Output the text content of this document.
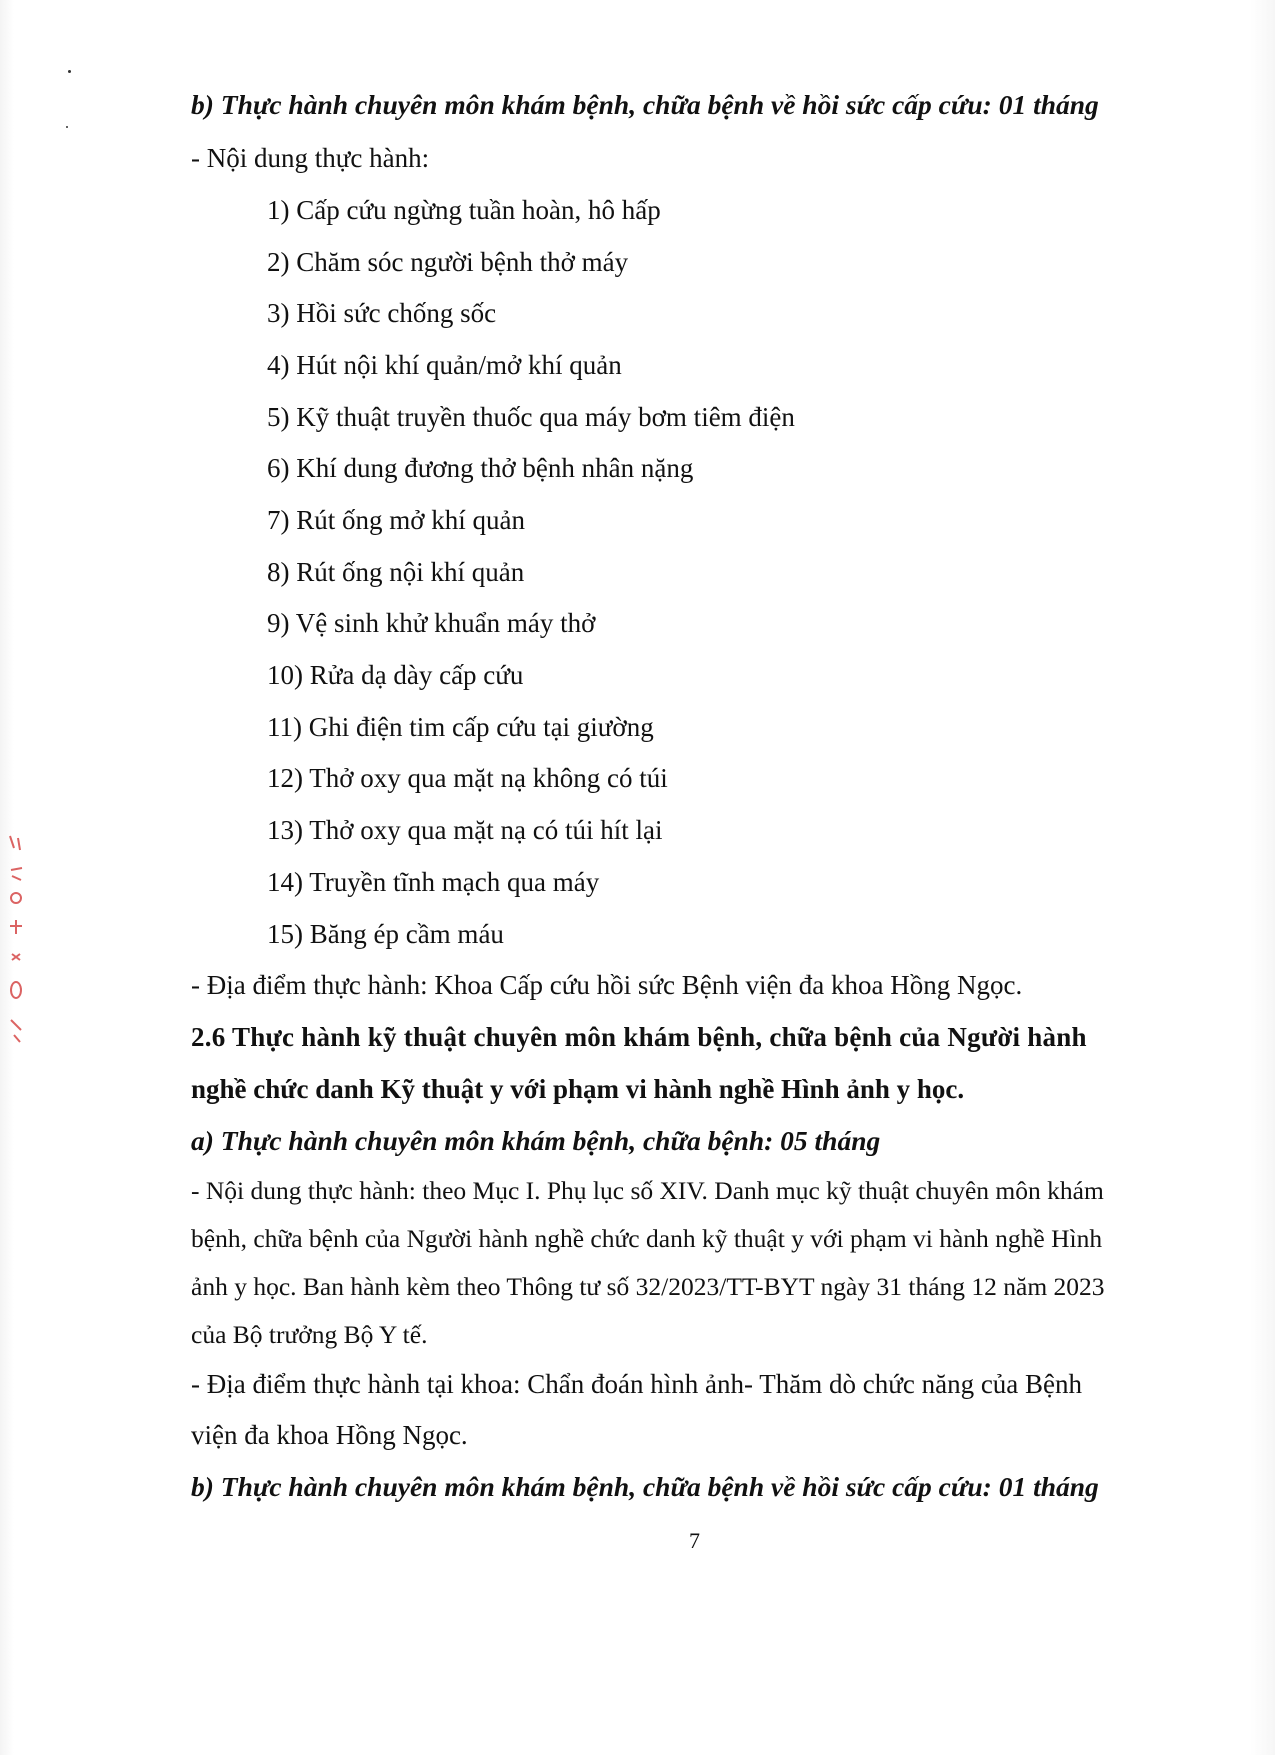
b) Thực hành chuyên môn khám bệnh, chữa bệnh về hồi sức cấp cứu: 01 tháng
- Nội dung thực hành:
1) Cấp cứu ngừng tuần hoàn, hô hấp
2) Chăm sóc người bệnh thở máy
3) Hồi sức chống sốc
4) Hút nội khí quản/mở khí quản
5) Kỹ thuật truyền thuốc qua máy bơm tiêm điện
6) Khí dung đương thở bệnh nhân nặng
7) Rút ống mở khí quản
8) Rút ống nội khí quản
9) Vệ sinh khử khuẩn máy thở
10) Rửa dạ dày cấp cứu
11) Ghi điện tim cấp cứu tại giường
12) Thở oxy qua mặt nạ không có túi
13) Thở oxy qua mặt nạ có túi hít lại
14) Truyền tĩnh mạch qua máy
15) Băng ép cầm máu
- Địa điểm thực hành: Khoa Cấp cứu hồi sức Bệnh viện đa khoa Hồng Ngọc.
2.6 Thực hành kỹ thuật chuyên môn khám bệnh, chữa bệnh của Người hành
nghề chức danh Kỹ thuật y với phạm vi hành nghề Hình ảnh y học.
a) Thực hành chuyên môn khám bệnh, chữa bệnh: 05 tháng
- Nội dung thực hành: theo Mục I. Phụ lục số XIV. Danh mục kỹ thuật chuyên môn khám
bệnh, chữa bệnh của Người hành nghề chức danh kỹ thuật y với phạm vi hành nghề Hình
ảnh y học. Ban hành kèm theo Thông tư số 32/2023/TT-BYT ngày 31 tháng 12 năm 2023
của Bộ trưởng Bộ Y tế.
- Địa điểm thực hành tại khoa: Chẩn đoán hình ảnh- Thăm dò chức năng của Bệnh
viện đa khoa Hồng Ngọc.
b) Thực hành chuyên môn khám bệnh, chữa bệnh về hồi sức cấp cứu: 01 tháng
7
